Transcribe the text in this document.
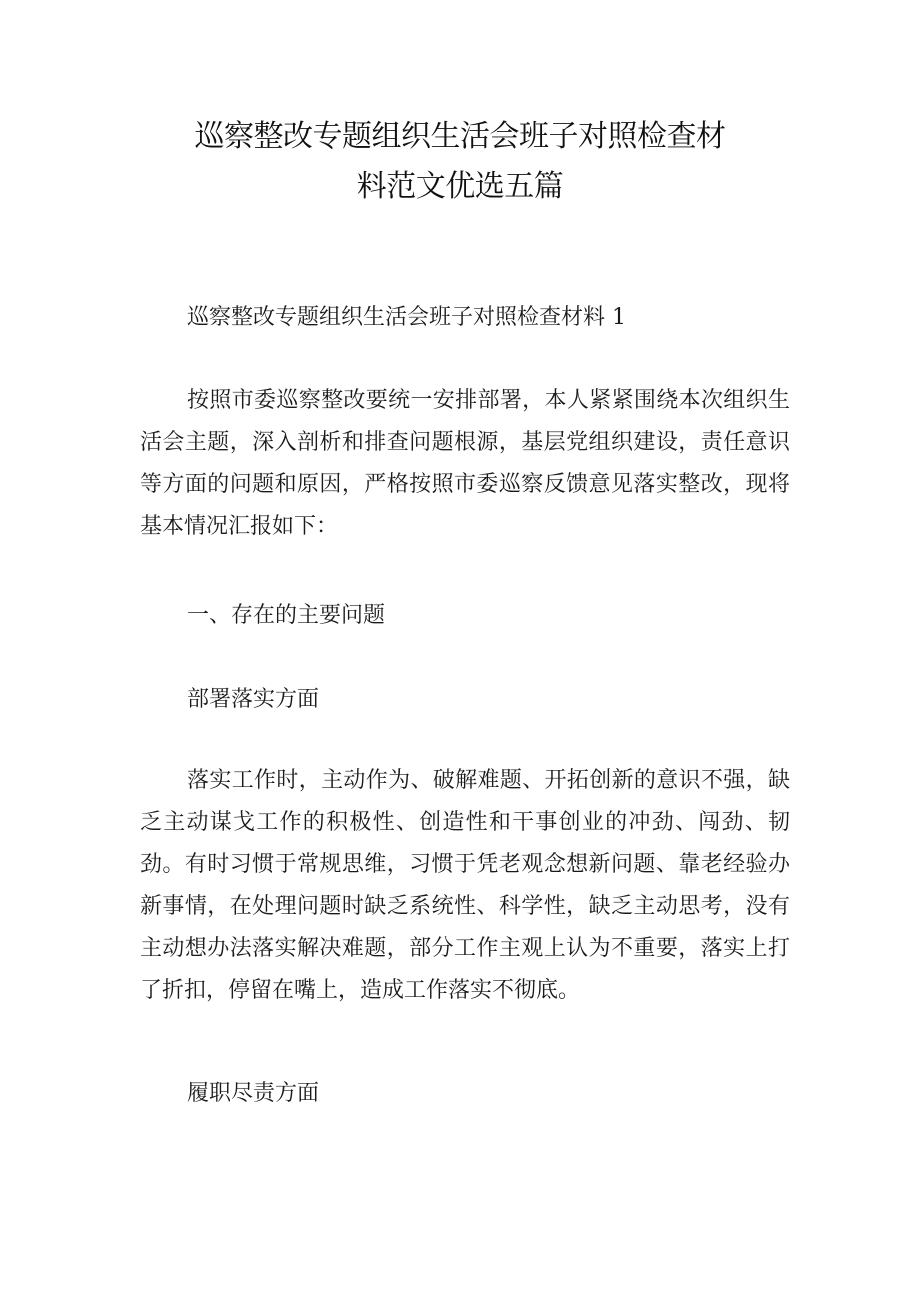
巡察整改专题组织生活会班子对照检查材
料范文优选五篇

巡察整改专题组织生活会班子对照检查材料 1

按照市委巡察整改要统一安排部署，本人紧紧围绕本次组织生活会主题，深入剖析和排查问题根源，基层党组织建设，责任意识等方面的问题和原因，严格按照市委巡察反馈意见落实整改，现将基本情况汇报如下：

一、存在的主要问题

部署落实方面

落实工作时，主动作为、破解难题、开拓创新的意识不强，缺乏主动谋戈工作的积极性、创造性和干事创业的冲劲、闯劲、韧劲。有时习惯于常规思维，习惯于凭老观念想新问题、靠老经验办新事情，在处理问题时缺乏系统性、科学性，缺乏主动思考，没有主动想办法落实解决难题，部分工作主观上认为不重要，落实上打了折扣，停留在嘴上，造成工作落实不彻底。

履职尽责方面
